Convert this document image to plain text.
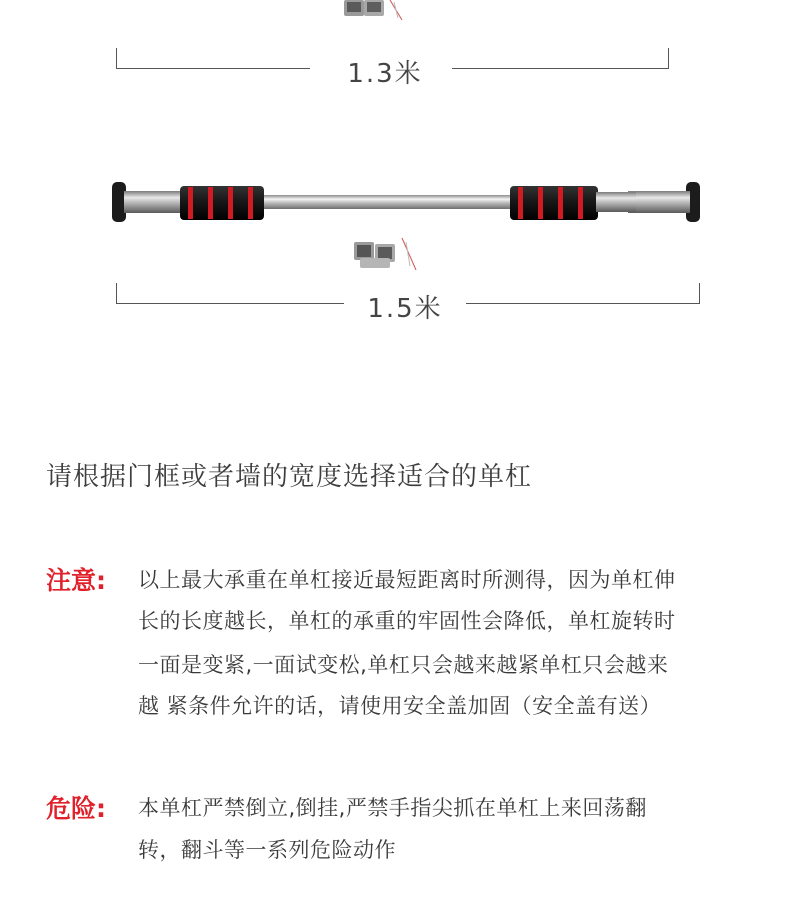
1.3米
1.5米
请根据门框或者墙的宽度选择适合的单杠
注意: 以上最大承重在单杠接近最短距离时所测得，因为单杠伸
长的长度越长，单杠的承重的牢固性会降低，单杠旋转时
一面是变紧,一面试变松,单杠只会越来越紧单杠只会越来
越 紧条件允许的话，请使用安全盖加固（安全盖有送）
危险: 本单杠严禁倒立,倒挂,严禁手指尖抓在单杠上来回荡翻
转，翻斗等一系列危险动作
